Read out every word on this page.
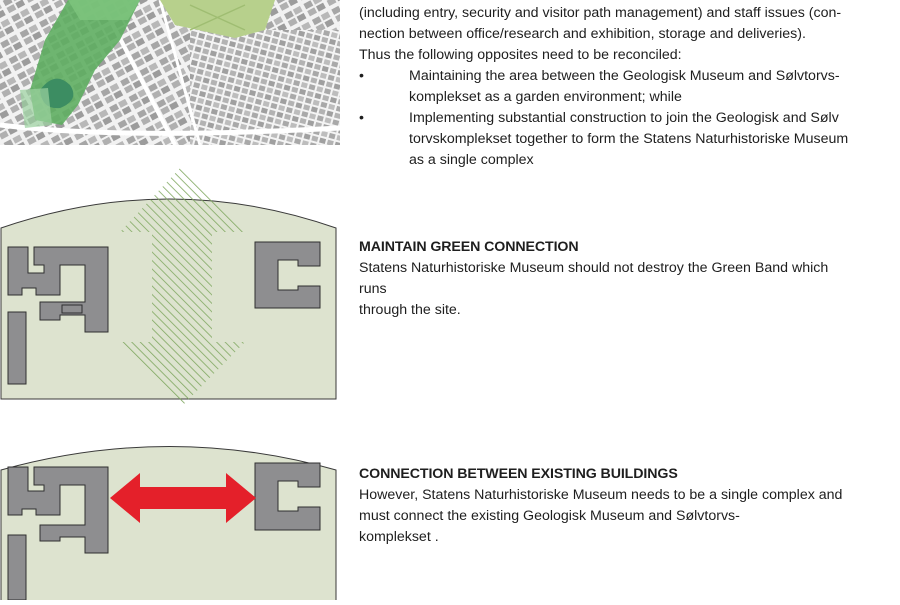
(including entry, security and visitor path management) and staff issues (con-

nection between office/research and exhibition, storage and deliveries).

Thus the following opposites need to be reconciled:

•	Maintaining the area between the Geologisk Museum and Sølvtorvs-

komplekset as a garden environment; while

•	Implementing substantial construction to join the Geologisk and Sølv

torvskomplekset together to form the Statens Naturhistoriske Museum

as a single complex

MAINTAIN GREEN CONNECTION

Statens Naturhistoriske Museum should not destroy the Green Band which runs

through the site.

CONNECTION BETWEEN EXISTING BUILDINGS

However, Statens Naturhistoriske Museum needs to be a single complex and

must connect the existing Geologisk Museum and Sølvtorvs-

komplekset .
